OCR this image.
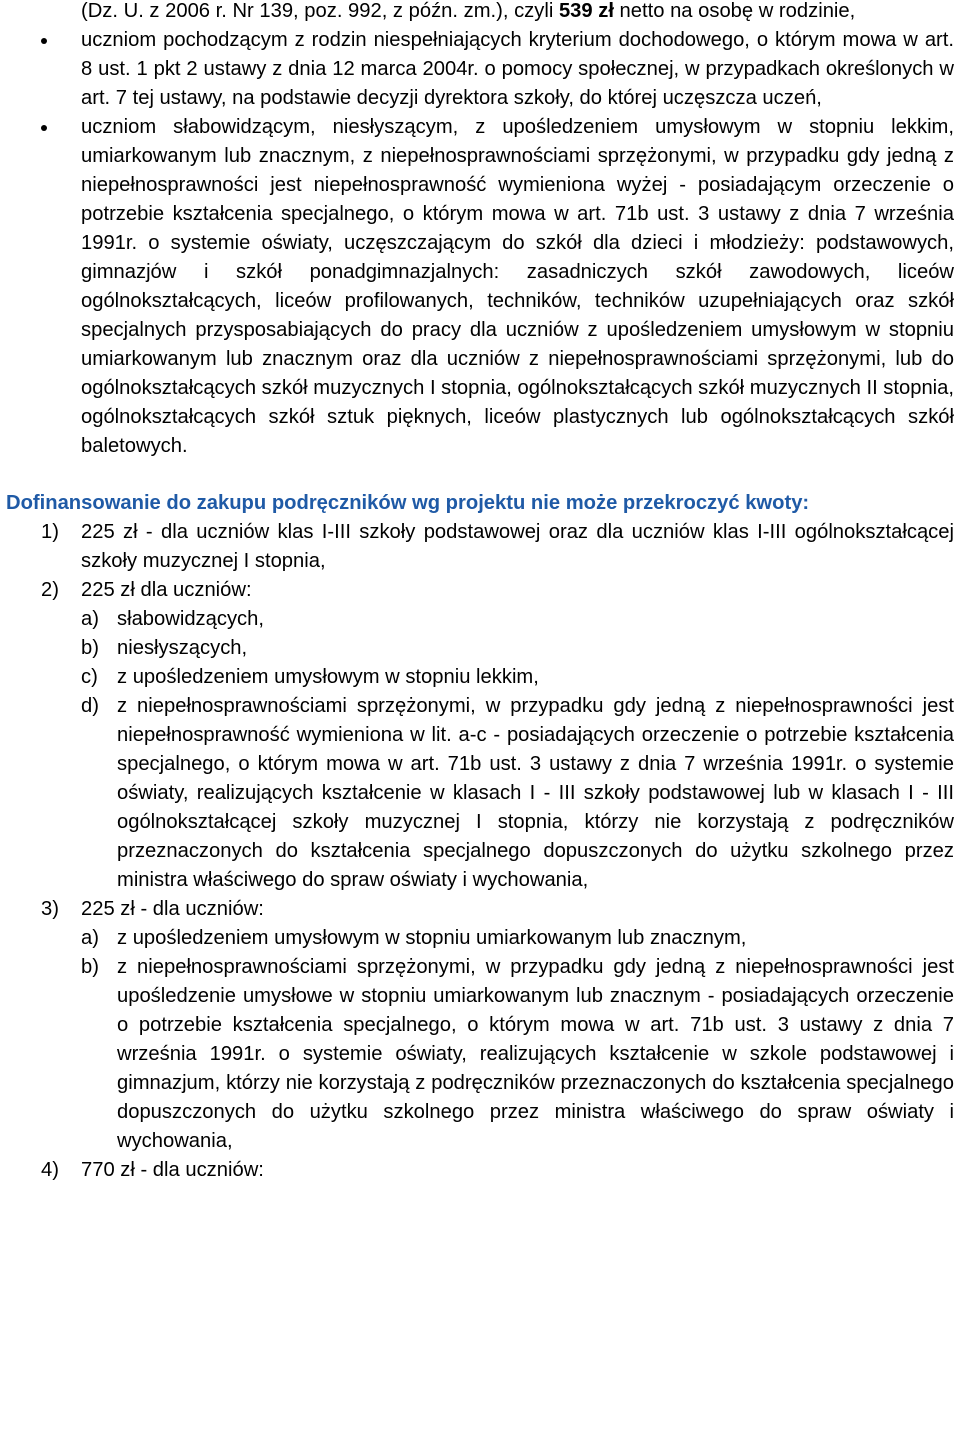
(Dz. U. z 2006 r. Nr 139, poz. 992, z późn. zm.), czyli 539 zł netto na osobę w rodzinie,

uczniom pochodzącym z rodzin niespełniających kryterium dochodowego, o którym mowa w art. 8 ust. 1 pkt 2 ustawy z dnia 12 marca 2004r. o pomocy społecznej, w przypadkach określonych w art. 7 tej ustawy, na podstawie decyzji dyrektora szkoły, do której uczęszcza uczeń,

uczniom słabowidzącym, niesłyszącym, z upośledzeniem umysłowym w stopniu lekkim, umiarkowanym lub znacznym, z niepełnosprawnościami sprzężonymi, w przypadku gdy jedną z niepełnosprawności jest niepełnosprawność wymieniona wyżej - posiadającym orzeczenie o potrzebie kształcenia specjalnego, o którym mowa w art. 71b ust. 3 ustawy z dnia 7 września 1991r. o systemie oświaty, uczęszczającym do szkół dla dzieci i młodzieży: podstawowych, gimnazjów i szkół ponadgimnazjalnych: zasadniczych szkół zawodowych, liceów ogólnokształcących, liceów profilowanych, techników, techników uzupełniających oraz szkół specjalnych przysposabiających do pracy dla uczniów z upośledzeniem umysłowym w stopniu umiarkowanym lub znacznym oraz dla uczniów z niepełnosprawnościami sprzężonymi, lub do ogólnokształcących szkół muzycznych I stopnia, ogólnokształcących szkół muzycznych II stopnia, ogólnokształcących szkół sztuk pięknych, liceów plastycznych lub ogólnokształcących szkół baletowych.

Dofinansowanie do zakupu podręczników wg projektu nie może przekroczyć kwoty:

1) 225 zł - dla uczniów klas I-III szkoły podstawowej oraz dla uczniów klas I-III ogólnokształcącej szkoły muzycznej I stopnia,

2) 225 zł dla uczniów:

a) słabowidzących,

b) niesłyszących,

c) z upośledzeniem umysłowym w stopniu lekkim,

d) z niepełnosprawnościami sprzężonymi, w przypadku gdy jedną z niepełnosprawności jest niepełnosprawność wymieniona w lit. a-c - posiadających orzeczenie o potrzebie kształcenia specjalnego, o którym mowa w art. 71b ust. 3 ustawy z dnia 7 września 1991r. o systemie oświaty, realizujących kształcenie w klasach I - III szkoły podstawowej lub w klasach I - III ogólnokształcącej szkoły muzycznej I stopnia, którzy nie korzystają z podręczników przeznaczonych do kształcenia specjalnego dopuszczonych do użytku szkolnego przez ministra właściwego do spraw oświaty i wychowania,

3) 225 zł - dla uczniów:

a) z upośledzeniem umysłowym w stopniu umiarkowanym lub znacznym,

b) z niepełnosprawnościami sprzężonymi, w przypadku gdy jedną z niepełnosprawności jest upośledzenie umysłowe w stopniu umiarkowanym lub znacznym - posiadających orzeczenie o potrzebie kształcenia specjalnego, o którym mowa w art. 71b ust. 3 ustawy z dnia 7 września 1991r. o systemie oświaty, realizujących kształcenie w szkole podstawowej i gimnazjum, którzy nie korzystają z podręczników przeznaczonych do kształcenia specjalnego dopuszczonych do użytku szkolnego przez ministra właściwego do spraw oświaty i wychowania,

4) 770 zł - dla uczniów:
